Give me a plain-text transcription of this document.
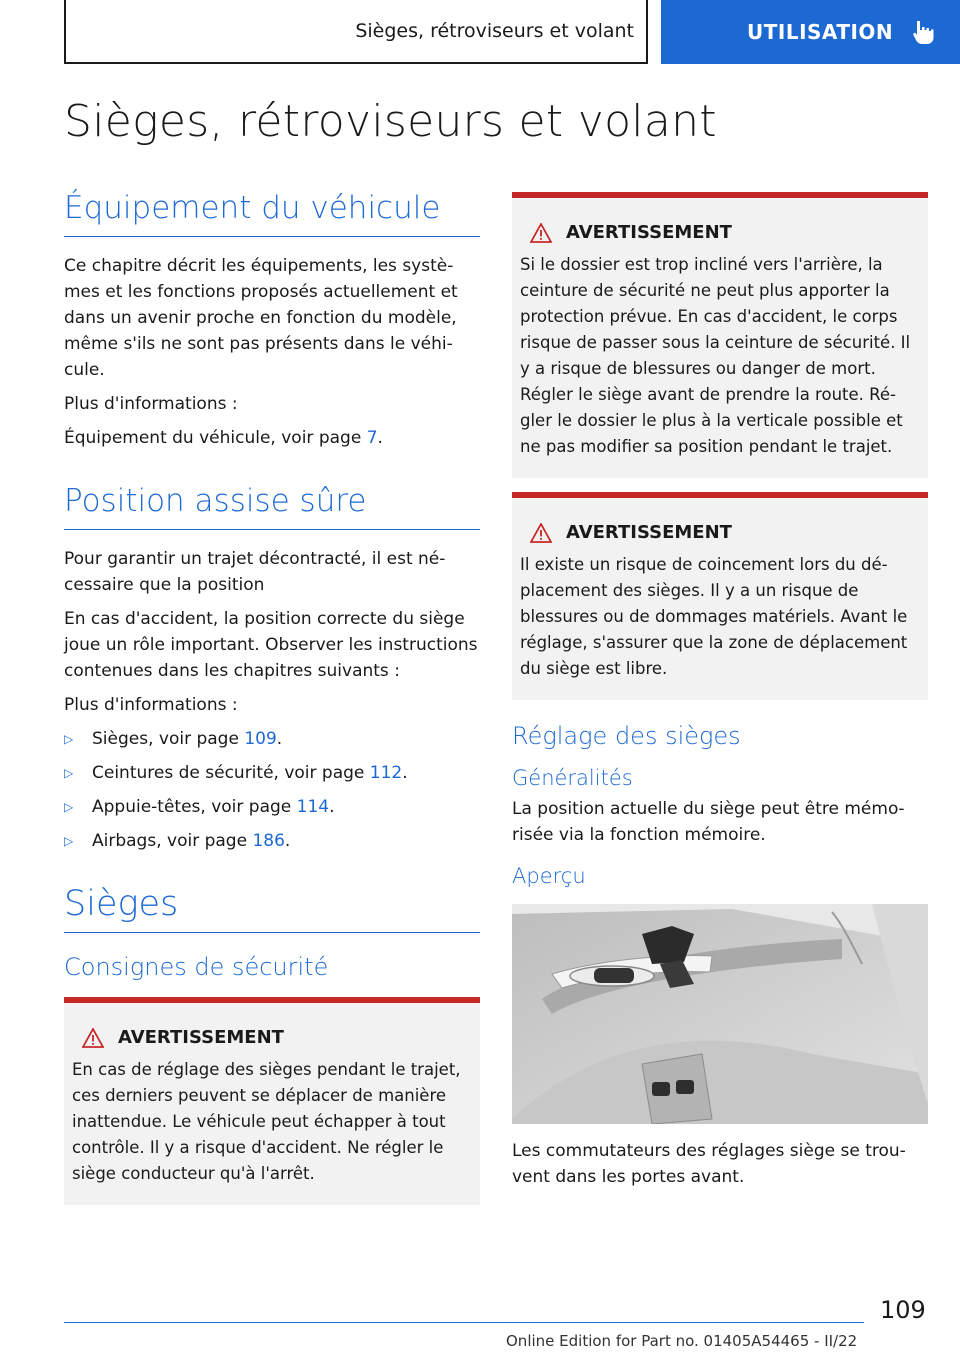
Sièges, rétroviseurs et volant	UTILISATION
Sièges, rétroviseurs et volant
Équipement du véhicule

Ce chapitre décrit les équipements, les systèmes et les fonctions proposés actuellement et dans un avenir proche en fonction du modèle, même s'ils ne sont pas présents dans le véhicule.

Plus d'informations :

Équipement du véhicule, voir page 7.

Position assise sûre

Pour garantir un trajet décontracté, il est nécessaire que la position

En cas d'accident, la position correcte du siège joue un rôle important. Observer les instructions contenues dans les chapitres suivants :

Plus d'informations :

▷	Sièges, voir page 109.
▷	Ceintures de sécurité, voir page 112.
▷	Appuie-têtes, voir page 114.
▷	Airbags, voir page 186.
Sièges
Consignes de sécurité
AVERTISSEMENT
En cas de réglage des sièges pendant le trajet, ces derniers peuvent se déplacer de manière inattendue. Le véhicule peut échapper à tout contrôle. Il y a risque d'accident. Ne régler le siège conducteur qu'à l'arrêt.
AVERTISSEMENT
Si le dossier est trop incliné vers l'arrière, la ceinture de sécurité ne peut plus apporter la protection prévue. En cas d'accident, le corps risque de passer sous la ceinture de sécurité. Il y a risque de blessures ou danger de mort. Régler le siège avant de prendre la route. Régler le dossier le plus à la verticale possible et ne pas modifier sa position pendant le trajet.
AVERTISSEMENT
Il existe un risque de coincement lors du déplacement des sièges. Il y a un risque de blessures ou de dommages matériels. Avant le réglage, s'assurer que la zone de déplacement du siège est libre.
Réglage des sièges
Généralités

La position actuelle du siège peut être mémorisée via la fonction mémoire.

Aperçu

Les commutateurs des réglages siège se trouvent dans les portes avant.

109
Online Edition for Part no. 01405A54465 - II/22
